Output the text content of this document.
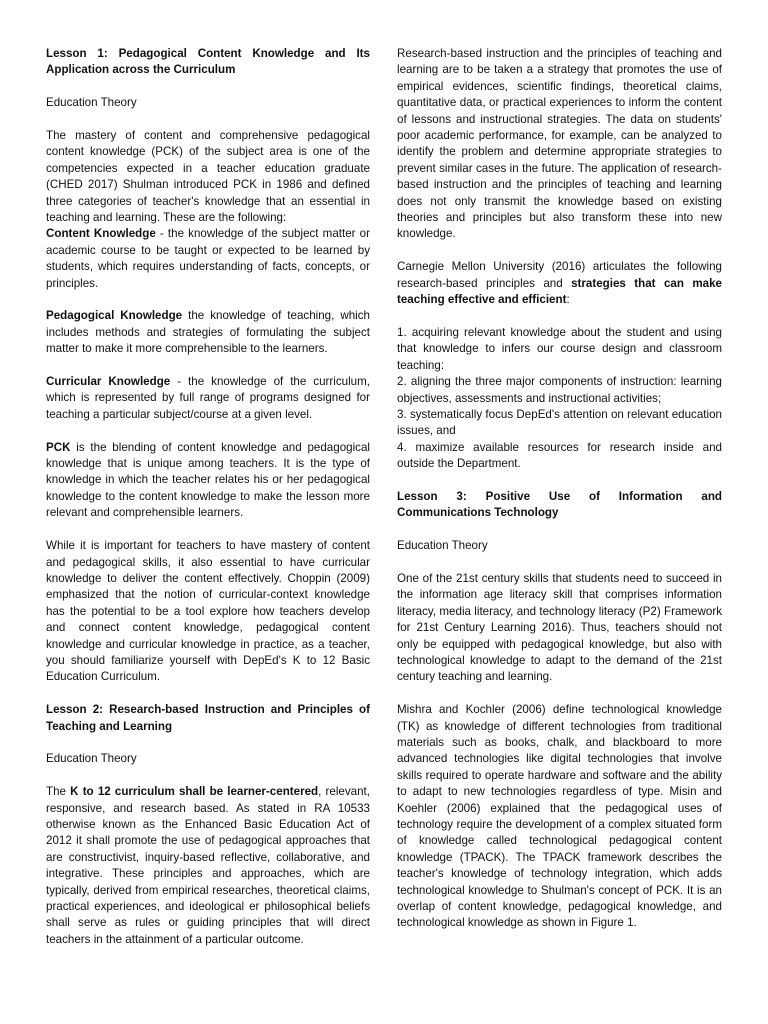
Lesson 1: Pedagogical Content Knowledge and Its Application across the Curriculum

Education Theory

The mastery of content and comprehensive pedagogical content knowledge (PCK) of the subject area is one of the competencies expected in a teacher education graduate (CHED 2017) Shulman introduced PCK in 1986 and defined three categories of teacher's knowledge that an essential in teaching and learning. These are the following:

Content Knowledge - the knowledge of the subject matter or academic course to be taught or expected to be learned by students, which requires understanding of facts, concepts, or principles.

Pedagogical Knowledge the knowledge of teaching, which includes methods and strategies of formulating the subject matter to make it more comprehensible to the learners.

Curricular Knowledge - the knowledge of the curriculum, which is represented by full range of programs designed for teaching a particular subject/course at a given level.

PCK is the blending of content knowledge and pedagogical knowledge that is unique among teachers. It is the type of knowledge in which the teacher relates his or her pedagogical knowledge to the content knowledge to make the lesson more relevant and comprehensible learners.

While it is important for teachers to have mastery of content and pedagogical skills, it also essential to have curricular knowledge to deliver the content effectively. Choppin (2009) emphasized that the notion of curricular-context knowledge has the potential to be a tool explore how teachers develop and connect content knowledge, pedagogical content knowledge and curricular knowledge in practice, as a teacher, you should familiarize yourself with DepEd's K to 12 Basic Education Curriculum.

Lesson 2: Research-based Instruction and Principles of Teaching and Learning

Education Theory

The K to 12 curriculum shall be learner-centered, relevant, responsive, and research based. As stated in RA 10533 otherwise known as the Enhanced Basic Education Act of 2012 it shall promote the use of pedagogical approaches that are constructivist, inquiry-based reflective, collaborative, and integrative. These principles and approaches, which are typically, derived from empirical researches, theoretical claims, practical experiences, and ideological er philosophical beliefs shall serve as rules or guiding principles that will direct teachers in the attainment of a particular outcome.

Research-based instruction and the principles of teaching and learning are to be taken a a strategy that promotes the use of empirical evidences, scientific findings, theoretical claims, quantitative data, or practical experiences to inform the content of lessons and instructional strategies. The data on students' poor academic performance, for example, can be analyzed to identify the problem and determine appropriate strategies to prevent similar cases in the future. The application of research-based instruction and the principles of teaching and learning does not only transmit the knowledge based on existing theories and principles but also transform these into new knowledge.

Carnegie Mellon University (2016) articulates the following research-based principles and strategies that can make teaching effective and efficient:

1. acquiring relevant knowledge about the student and using that knowledge to infers our course design and classroom teaching:

2. aligning the three major components of instruction: learning objectives, assessments and instructional activities;

3. systematically focus DepEd's attention on relevant education issues, and

4. maximize available resources for research inside and outside the Department.

Lesson 3: Positive Use of Information and Communications Technology

Education Theory

One of the 21st century skills that students need to succeed in the information age literacy skill that comprises information literacy, media literacy, and technology literacy (P2) Framework for 21st Century Learning 2016). Thus, teachers should not only be equipped with pedagogical knowledge, but also with technological knowledge to adapt to the demand of the 21st century teaching and learning.

Mishra and Kochler (2006) define technological knowledge (TK) as knowledge of different technologies from traditional materials such as books, chalk, and blackboard to more advanced technologies like digital technologies that involve skills required to operate hardware and software and the ability to adapt to new technologies regardless of type. Misin and Koehler (2006) explained that the pedagogical uses of technology require the development of a complex situated form of knowledge called technological pedagogical content knowledge (TPACK). The TPACK framework describes the teacher's knowledge of technology integration, which adds technological knowledge to Shulman's concept of PCK. It is an overlap of content knowledge, pedagogical knowledge, and technological knowledge as shown in Figure 1.
